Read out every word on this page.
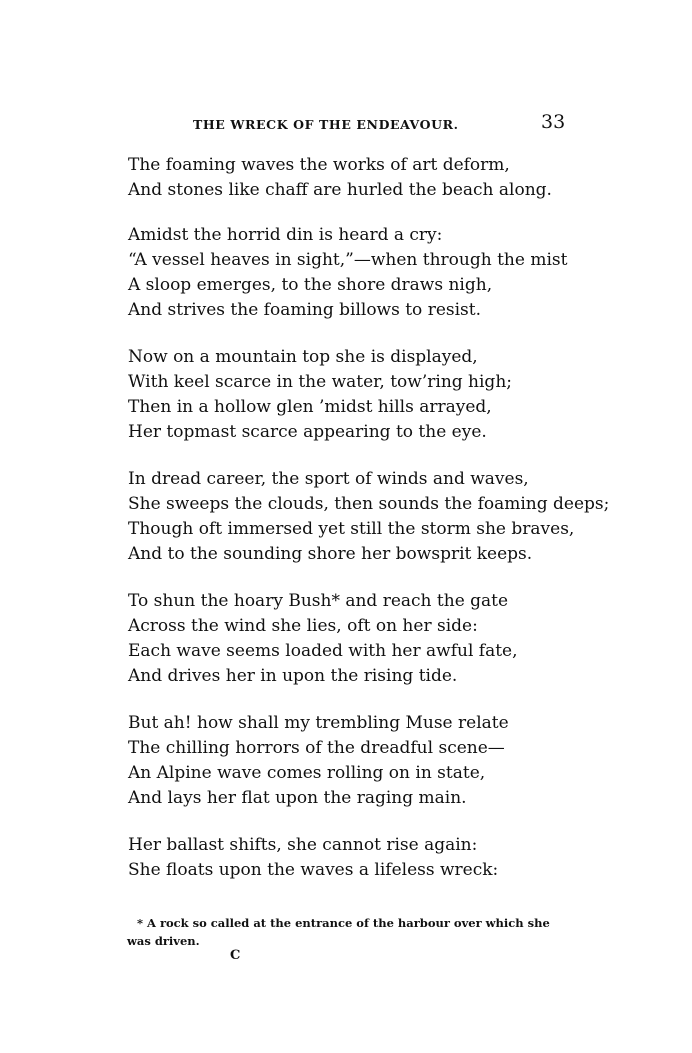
THE WRECK OF THE ENDEAVOUR.	33
The foaming waves the works of art deform,
And stones like chaff are hurled the beach along.
Amidst the horrid din is heard a cry:
“A vessel heaves in sight,”—when through the mist
A sloop emerges, to the shore draws nigh,
And strives the foaming billows to resist.
Now on a mountain top she is displayed,
With keel scarce in the water, tow’ring high;
Then in a hollow glen ’midst hills arrayed,
Her topmast scarce appearing to the eye.
In dread career, the sport of winds and waves,
She sweeps the clouds, then sounds the foaming deeps;
Though oft immersed yet still the storm she braves,
And to the sounding shore her bowsprit keeps.
To shun the hoary Bush* and reach the gate
Across the wind she lies, oft on her side:
Each wave seems loaded with her awful fate,
And drives her in upon the rising tide.
But ah! how shall my trembling Muse relate
The chilling horrors of the dreadful scene—
An Alpine wave comes rolling on in state,
And lays her flat upon the raging main.
Her ballast shifts, she cannot rise again:
She floats upon the waves a lifeless wreck:
* A rock so called at the entrance of the harbour over which she
was driven.
C
